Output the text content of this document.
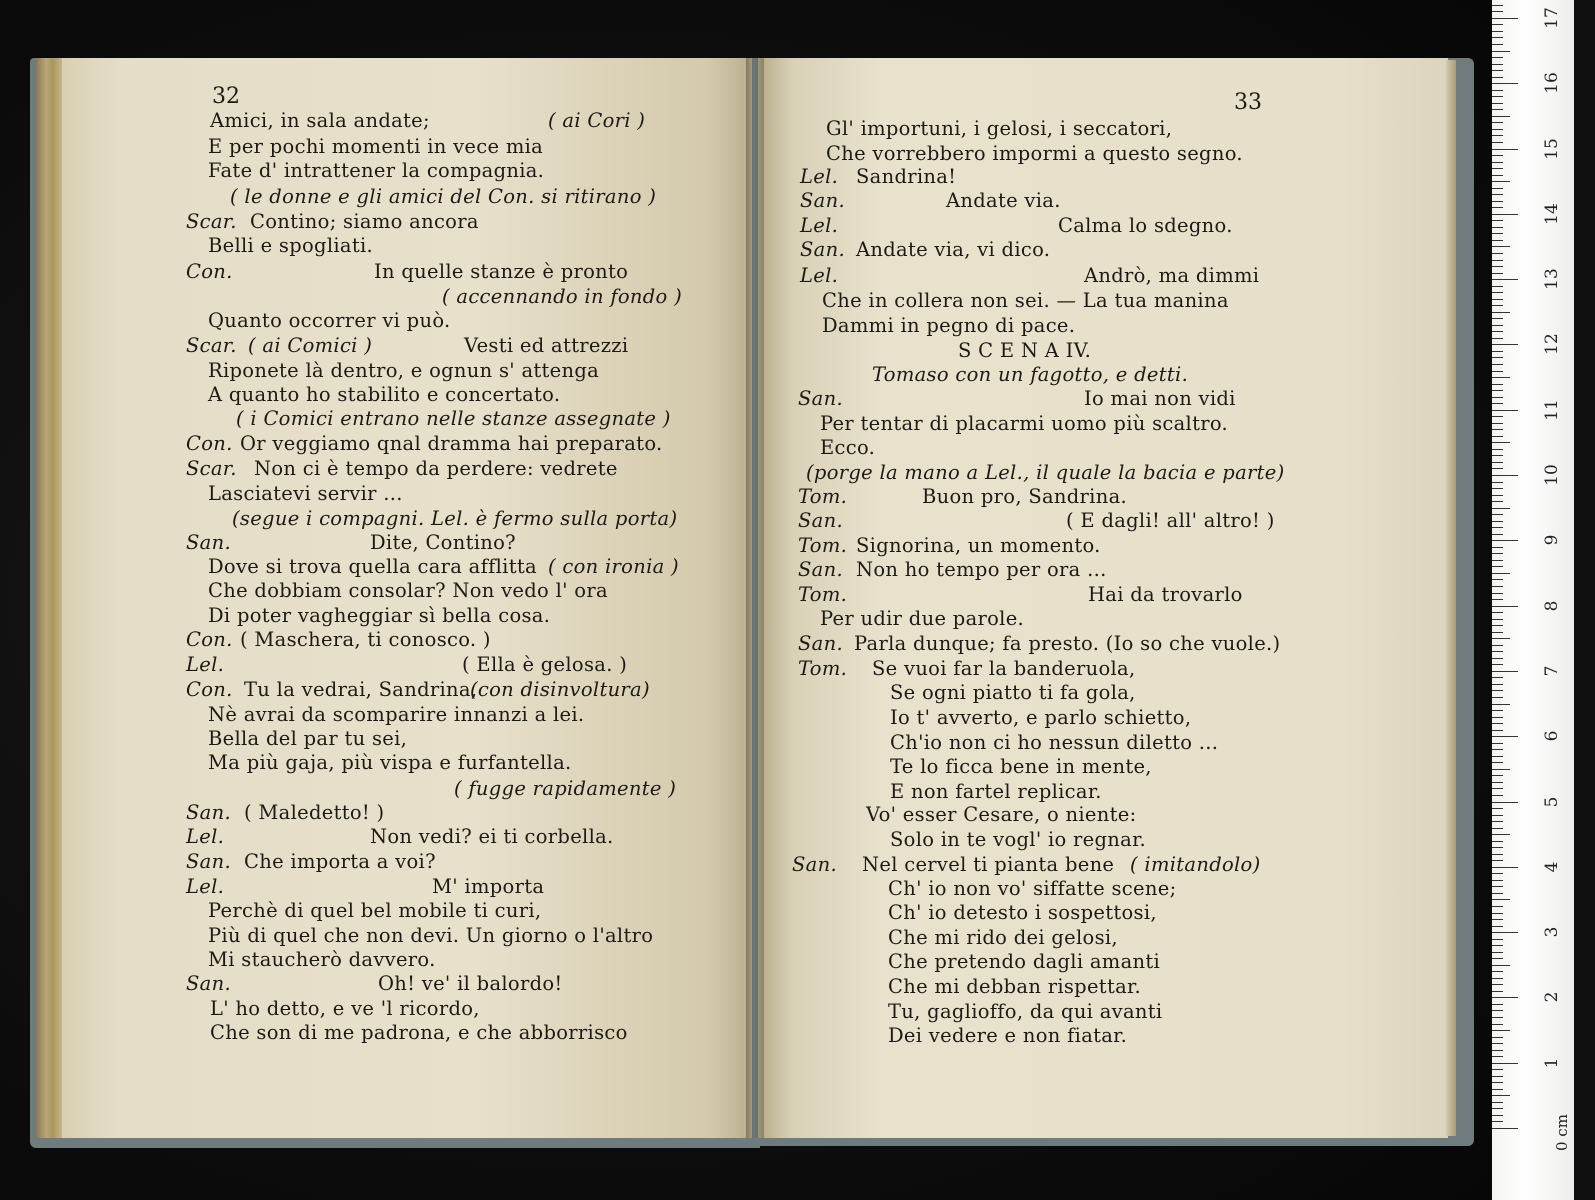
32
Amici, in sala andate;	( ai Cori )
E per pochi momenti in vece mia
Fate d' intrattener la compagnia.
( le donne e gli amici del Con. si ritirano )
Scar. Contino; siamo ancora
Belli e spogliati.
Con.	In quelle stanze è pronto
( accennando in fondo )
Quanto occorrer vi può.
Scar. ( ai Comici )	Vesti ed attrezzi
Riponete là dentro, e ognun s' attenga
A quanto ho stabilito e concertato.
( i Comici entrano nelle stanze assegnate )
Con. Or veggiamo qnal dramma hai preparato.
Scar. Non ci è tempo da perdere: vedrete
Lasciatevi servir ...
(segue i compagni. Lel. è fermo sulla porta)
San.	Dite, Contino?
Dove si trova quella cara afflitta ( con ironia )
Che dobbiam consolar? Non vedo l' ora
Di poter vagheggiar sì bella cosa.
Con. ( Maschera, ti conosco. )
Lel.	( Ella è gelosa. )
Con. Tu la vedrai, Sandrina,
(con disinvoltura)
Nè avrai da scomparire innanzi a lei.
Bella del par tu sei,
Ma più gaja, più vispa e furfantella.
( fugge rapidamente )
San. ( Maledetto! )
Lel.	Non vedi? ei ti corbella.
San. Che importa a voi?
Lel.	M' importa
Perchè di quel bel mobile ti curi,
Più di quel che non devi. Un giorno o l'altro
Mi staucherò davvero.
San.	Oh! ve' il balordo!
L' ho detto, e ve 'l ricordo,
Che son di me padrona, e che abborrisco
33
Gl' importuni, i gelosi, i seccatori,
Che vorrebbero impormi a questo segno.
Lel. Sandrina!
San.	Andate via.
Lel.	Calma lo sdegno.
San. Andate via, vi dico.
Lel.	Andrò, ma dimmi
Che in collera non sei. — La tua manina
Dammi in pegno di pace.
S C E N A IV.
Tomaso con un fagotto, e detti.
San.	Io mai non vidi
Per tentar di placarmi uomo più scaltro.
Ecco.
(porge la mano a Lel., il quale la bacia e parte)
Tom.	Buon pro, Sandrina.
San.	( E dagli! all' altro! )
Tom. Signorina, un momento.
San. Non ho tempo per ora ...
Tom.	Hai da trovarlo
Per udir due parole.
San. Parla dunque; fa presto. (Io so che vuole.)
Tom. Se vuoi far la banderuola,
Se ogni piatto ti fa gola,
Io t' avverto, e parlo schietto,
Ch'io non ci ho nessun diletto ...
Te lo ficca bene in mente,
E non fartel replicar.
Vo' esser Cesare, o niente:
Solo in te vogl' io regnar.
San. Nel cervel ti pianta bene ( imitandolo)
Ch' io non vo' siffatte scene;
Ch' io detesto i sospettosi,
Che mi rido dei gelosi,
Che pretendo dagli amanti
Che mi debban rispettar.
Tu, gaglioffo, da qui avanti
Dei vedere e non fiatar.
0 cm
1
2
3
4
5
6
7
8
9
10
11
12
13
14
15
16
17
